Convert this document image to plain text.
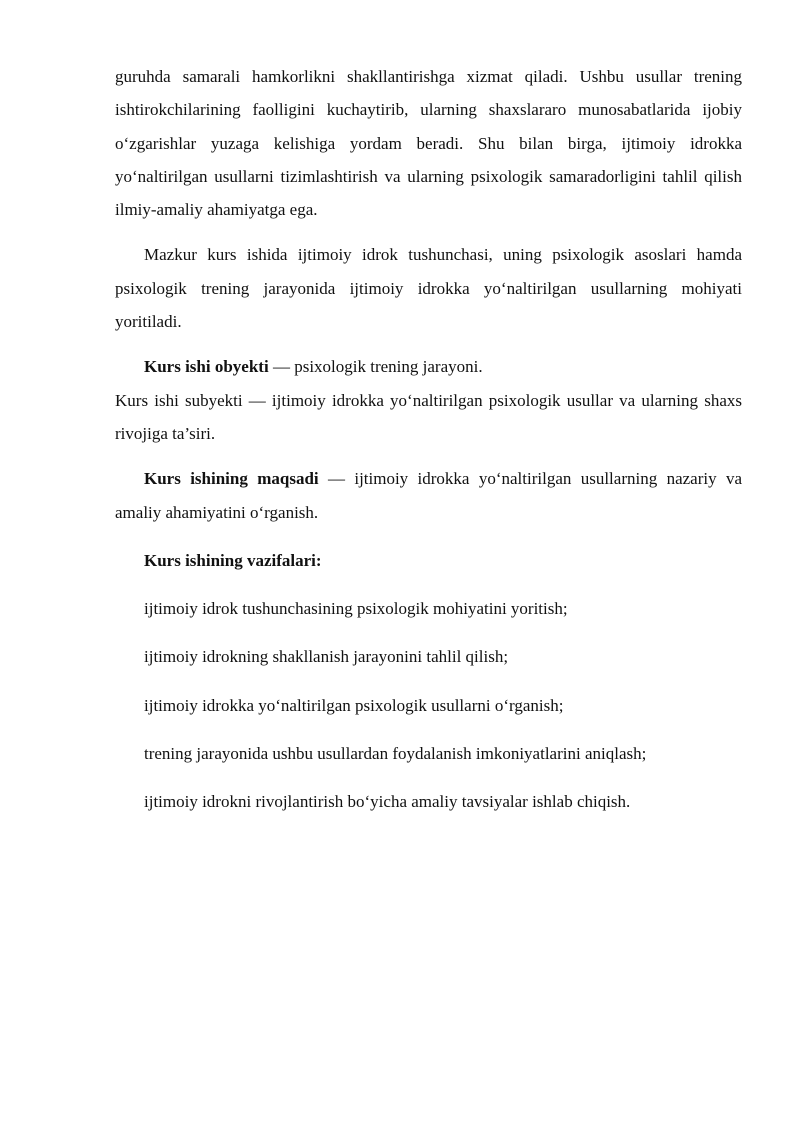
guruhda samarali hamkorlikni shakllantirishga xizmat qiladi. Ushbu usullar trening ishtirokchilarining faolligini kuchaytirib, ularning shaxslararo munosabatlarida ijobiy o‘zgarishlar yuzaga kelishiga yordam beradi. Shu bilan birga, ijtimoiy idrokka yo‘naltirilgan usullarni tizimlashtirish va ularning psixologik samaradorligini tahlil qilish ilmiy-amaliy ahamiyatga ega.

Mazkur kurs ishida ijtimoiy idrok tushunchasi, uning psixologik asoslari hamda psixologik trening jarayonida ijtimoiy idrokka yo‘naltirilgan usullarning mohiyati yoritiladi.

Kurs ishi obyekti — psixologik trening jarayoni.

Kurs ishi subyekti — ijtimoiy idrokka yo‘naltirilgan psixologik usullar va ularning shaxs rivojiga ta’siri.

Kurs ishining maqsadi — ijtimoiy idrokka yo‘naltirilgan usullarning nazariy va amaliy ahamiyatini o‘rganish.

Kurs ishining vazifalari:

ijtimoiy idrok tushunchasining psixologik mohiyatini yoritish;

ijtimoiy idrokning shakllanish jarayonini tahlil qilish;

ijtimoiy idrokka yo‘naltirilgan psixologik usullarni o‘rganish;

trening jarayonida ushbu usullardan foydalanish imkoniyatlarini aniqlash;

ijtimoiy idrokni rivojlantirish bo‘yicha amaliy tavsiyalar ishlab chiqish.
